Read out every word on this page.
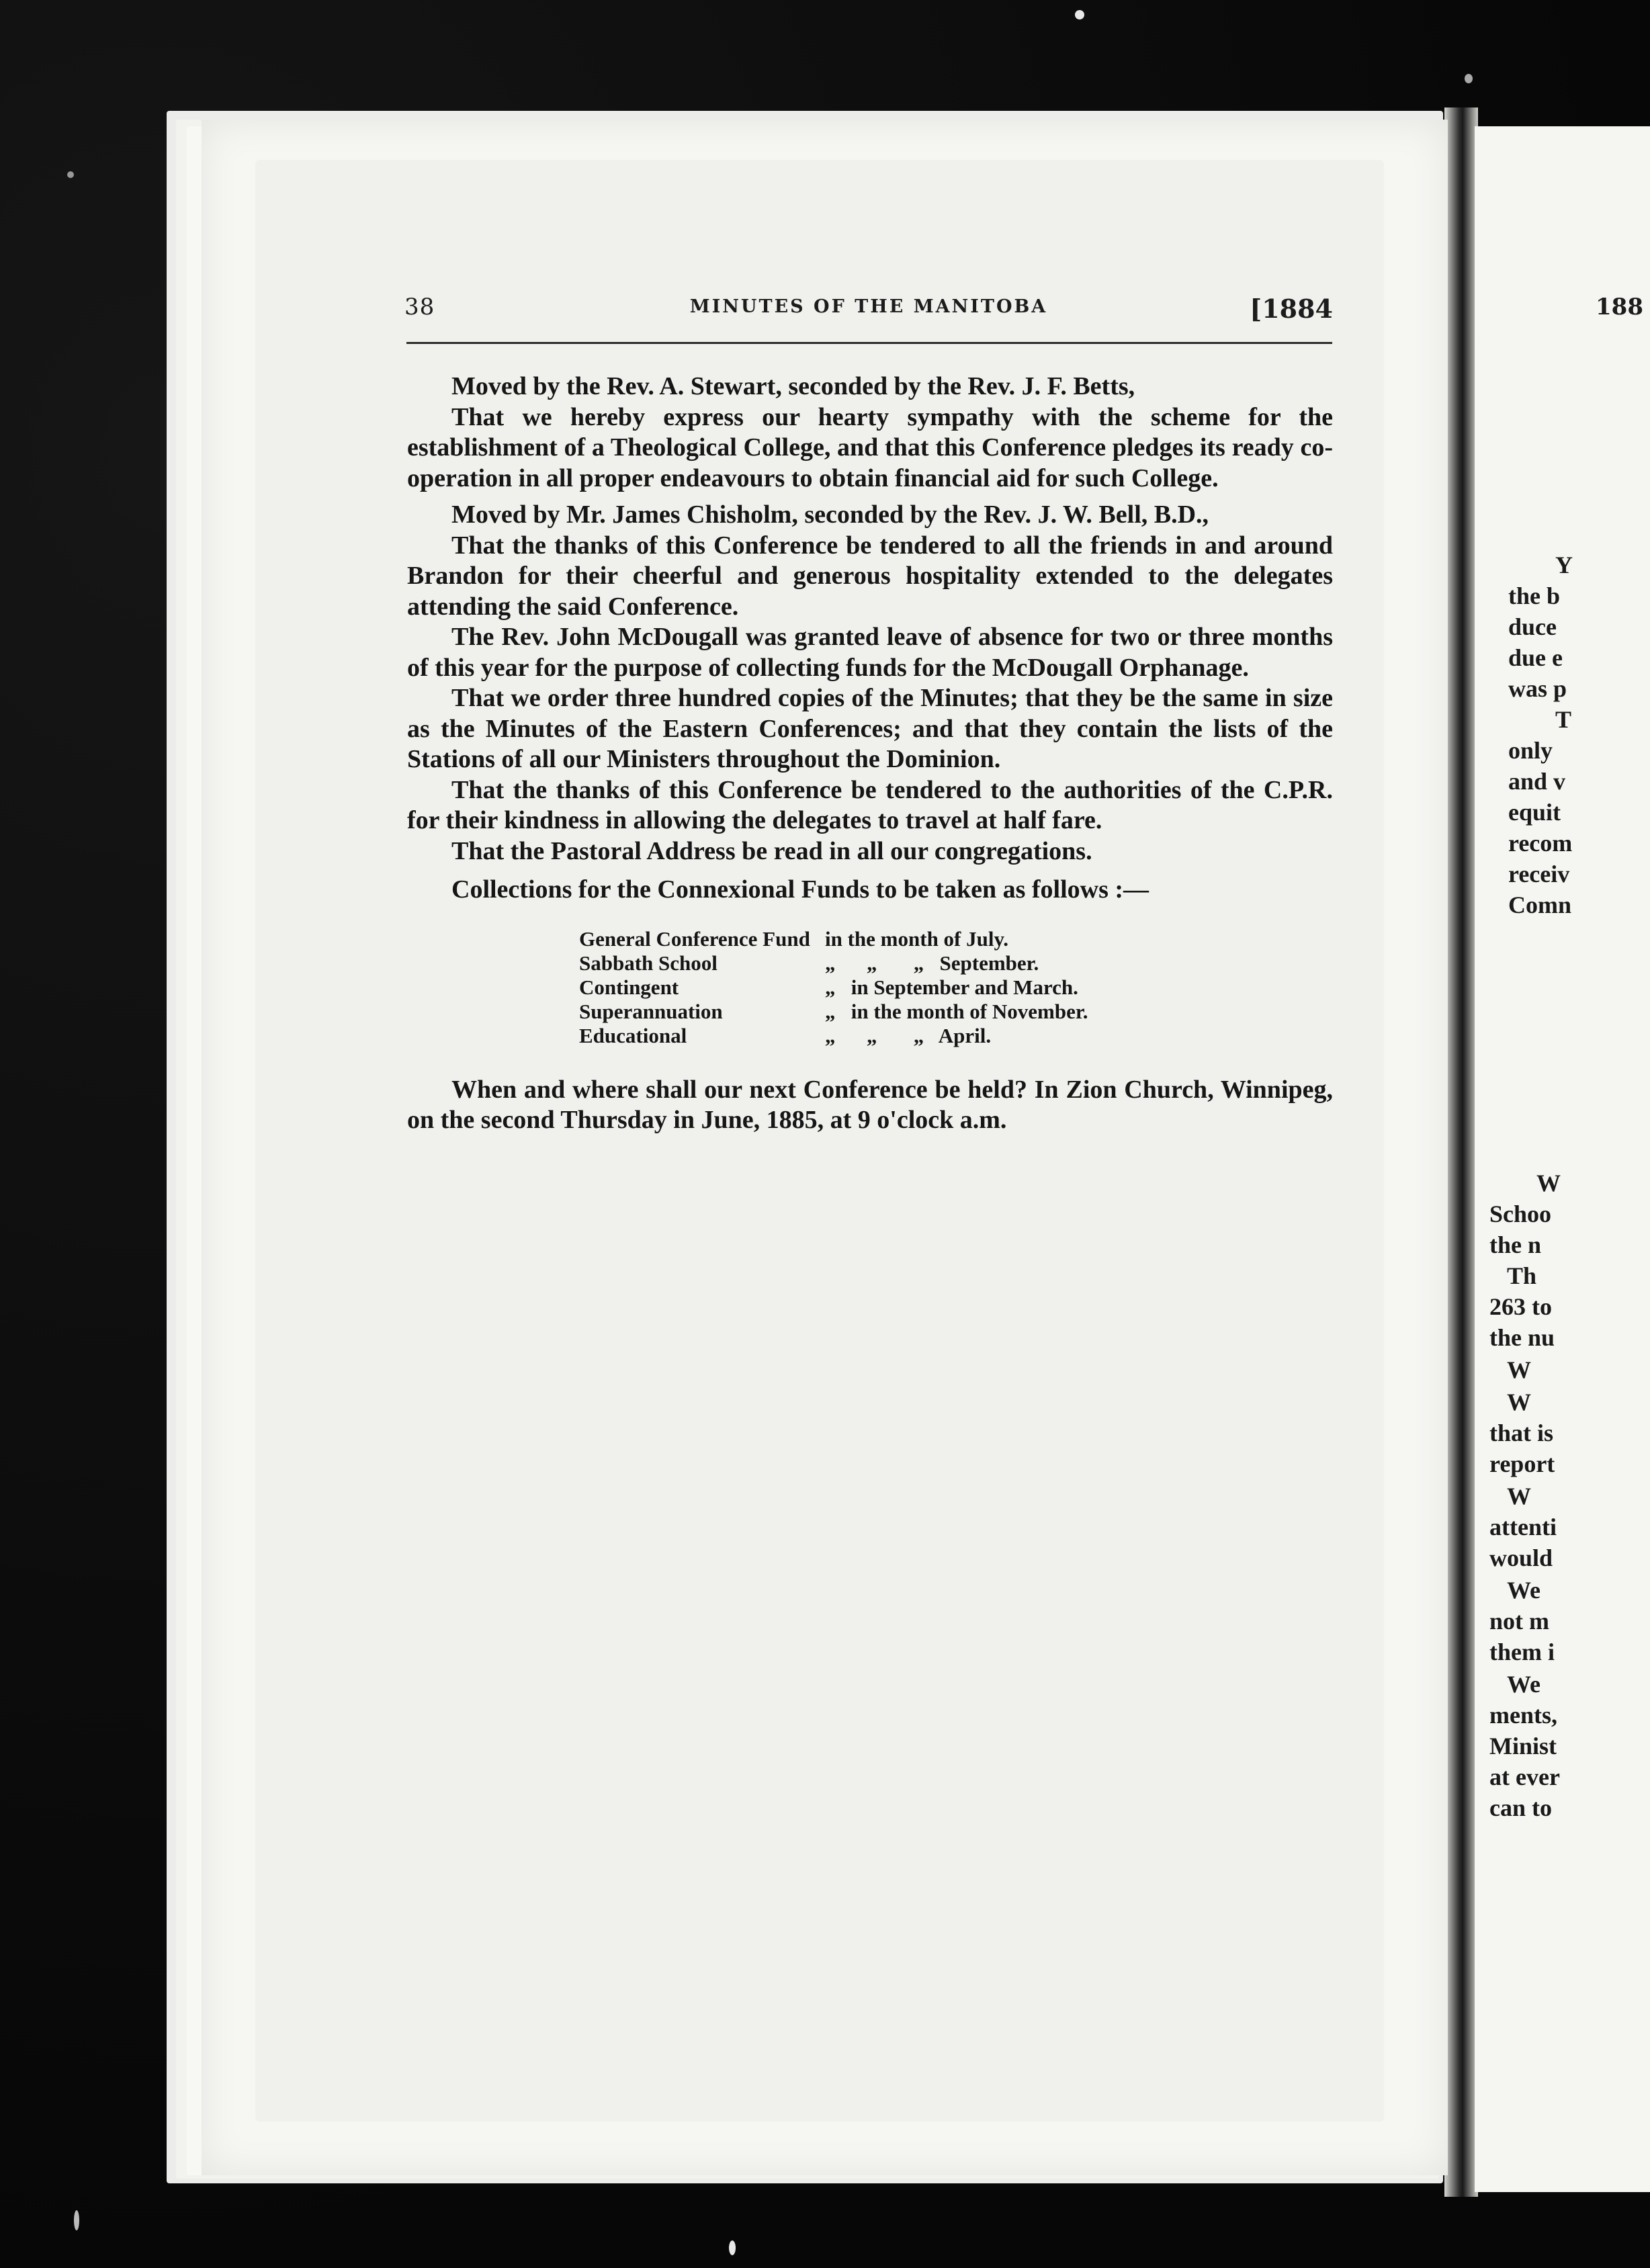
38	MINUTES OF THE MANITOBA	[1884

Moved by the Rev. A. Stewart, seconded by the Rev. J. F. Betts,

That we hereby express our hearty sympathy with the scheme for the establishment of a Theological College, and that this Conference pledges its ready co-operation in all proper endeavours to obtain financial aid for such College.

Moved by Mr. James Chisholm, seconded by the Rev. J. W. Bell, B.D.,

That the thanks of this Conference be tendered to all the friends in and around Brandon for their cheerful and generous hospitality extended to the delegates attending the said Conference.

The Rev. John McDougall was granted leave of absence for two or three months of this year for the purpose of collecting funds for the McDougall Orphanage.

That we order three hundred copies of the Minutes; that they be the same in size as the Minutes of the Eastern Conferences; and that they contain the lists of the Stations of all our Ministers throughout the Dominion.

That the thanks of this Conference be tendered to the authorities of the C.P.R. for their kindness in allowing the delegates to travel at half fare.

That the Pastoral Address be read in all our congregations.

Collections for the Connexional Funds to be taken as follows :—

General Conference Fund	in the month of July.
Sabbath School	„      „       „   September.
Contingent	„   in September and March.
Superannuation	„   in the month of November.
Educational	„      „       „   April.

When and where shall our next Conference be held? In Zion Church, Winnipeg, on the second Thursday in June, 1885, at 9 o'clock a.m.

188
Y
the b
duce
due e
was p
T
only
and v
equit
recom
receiv
Comn
W
Schoo
the n
Th
263 to
the nu
W
W
that is
report
W
attenti
would
We
not m
them i
We
ments,
Minist
at ever
can to
